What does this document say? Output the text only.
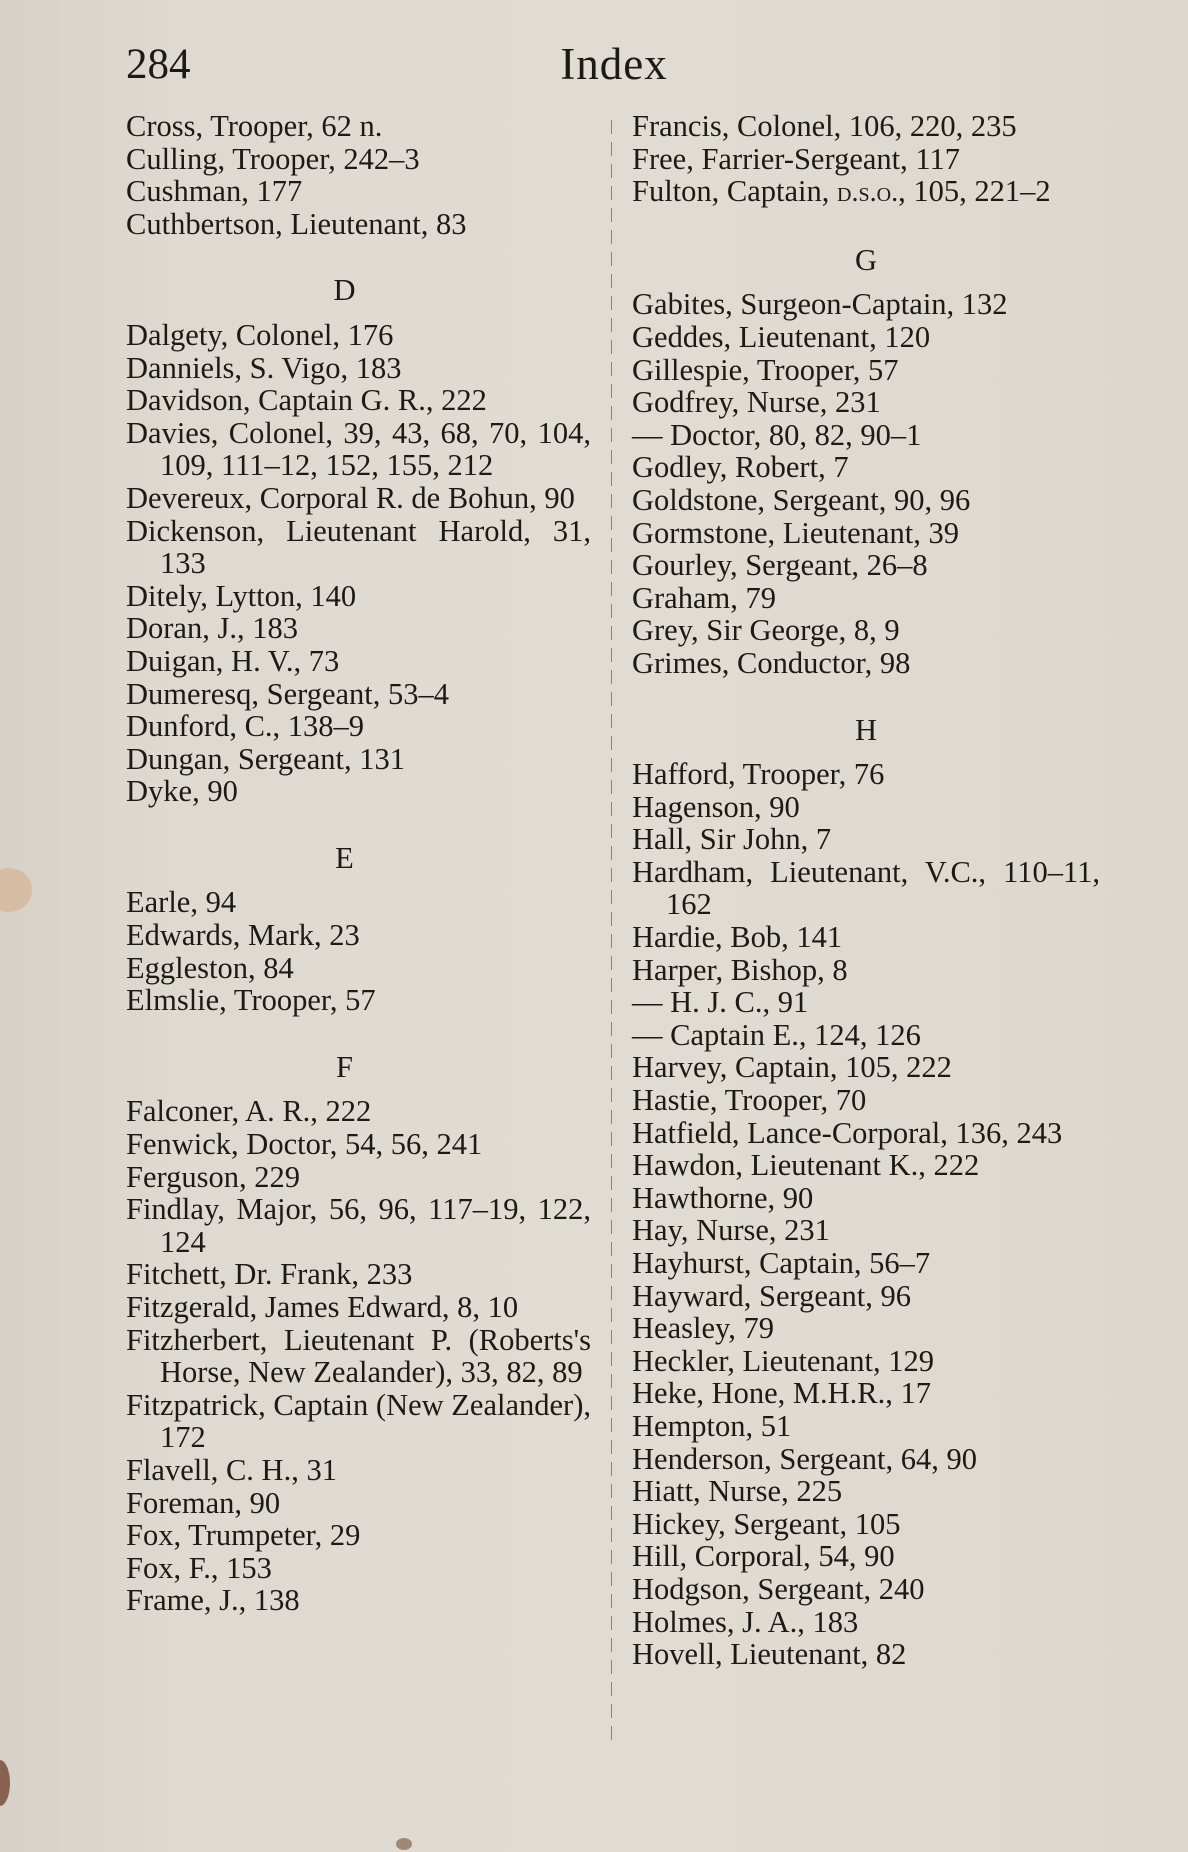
284	Index
Cross, Trooper, 62 n.
Culling, Trooper, 242–3
Cushman, 177
Cuthbertson, Lieutenant, 83
D
Dalgety, Colonel, 176
Danniels, S. Vigo, 183
Davidson, Captain G. R., 222
Davies, Colonel, 39, 43, 68, 70, 104, 109, 111–12, 152, 155, 212
Devereux, Corporal R. de Bohun, 90
Dickenson, Lieutenant Harold, 31, 133
Ditely, Lytton, 140
Doran, J., 183
Duigan, H. V., 73
Dumeresq, Sergeant, 53–4
Dunford, C., 138–9
Dungan, Sergeant, 131
Dyke, 90
E
Earle, 94
Edwards, Mark, 23
Eggleston, 84
Elmslie, Trooper, 57
F
Falconer, A. R., 222
Fenwick, Doctor, 54, 56, 241
Ferguson, 229
Findlay, Major, 56, 96, 117–19, 122, 124
Fitchett, Dr. Frank, 233
Fitzgerald, James Edward, 8, 10
Fitzherbert, Lieutenant P. (Roberts's Horse, New Zealander), 33, 82, 89
Fitzpatrick, Captain (New Zealander), 172
Flavell, C. H., 31
Foreman, 90
Fox, Trumpeter, 29
Fox, F., 153
Frame, J., 138
Francis, Colonel, 106, 220, 235
Free, Farrier-Sergeant, 117
Fulton, Captain, d.s.o., 105, 221–2
G
Gabites, Surgeon-Captain, 132
Geddes, Lieutenant, 120
Gillespie, Trooper, 57
Godfrey, Nurse, 231
— Doctor, 80, 82, 90–1
Godley, Robert, 7
Goldstone, Sergeant, 90, 96
Gormstone, Lieutenant, 39
Gourley, Sergeant, 26–8
Graham, 79
Grey, Sir George, 8, 9
Grimes, Conductor, 98
H
Hafford, Trooper, 76
Hagenson, 90
Hall, Sir John, 7
Hardham, Lieutenant, V.C., 110–11, 162
Hardie, Bob, 141
Harper, Bishop, 8
— H. J. C., 91
— Captain E., 124, 126
Harvey, Captain, 105, 222
Hastie, Trooper, 70
Hatfield, Lance-Corporal, 136, 243
Hawdon, Lieutenant K., 222
Hawthorne, 90
Hay, Nurse, 231
Hayhurst, Captain, 56–7
Hayward, Sergeant, 96
Heasley, 79
Heckler, Lieutenant, 129
Heke, Hone, M.H.R., 17
Hempton, 51
Henderson, Sergeant, 64, 90
Hiatt, Nurse, 225
Hickey, Sergeant, 105
Hill, Corporal, 54, 90
Hodgson, Sergeant, 240
Holmes, J. A., 183
Hovell, Lieutenant, 82
